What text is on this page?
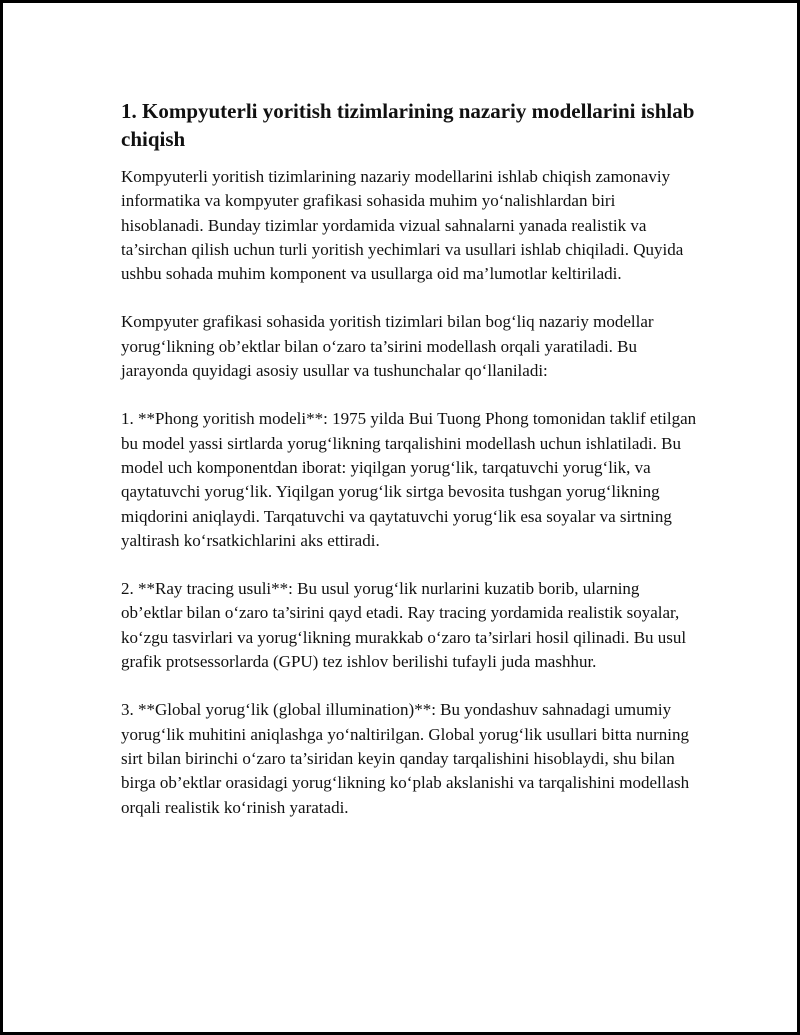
1. Kompyuterli yoritish tizimlarining nazariy modellarini ishlab chiqish

Kompyuterli yoritish tizimlarining nazariy modellarini ishlab chiqish zamonaviy informatika va kompyuter grafikasi sohasida muhim yo‘nalishlardan biri hisoblanadi. Bunday tizimlar yordamida vizual sahnalarni yanada realistik va ta’sirchan qilish uchun turli yoritish yechimlari va usullari ishlab chiqiladi. Quyida ushbu sohada muhim komponent va usullarga oid ma’lumotlar keltiriladi.

Kompyuter grafikasi sohasida yoritish tizimlari bilan bog‘liq nazariy modellar yorug‘likning ob’ektlar bilan o‘zaro ta’sirini modellash orqali yaratiladi. Bu jarayonda quyidagi asosiy usullar va tushunchalar qo‘llaniladi:

1. **Phong yoritish modeli**: 1975 yilda Bui Tuong Phong tomonidan taklif etilgan bu model yassi sirtlarda yorug‘likning tarqalishini modellash uchun ishlatiladi. Bu model uch komponentdan iborat: yiqilgan yorug‘lik, tarqatuvchi yorug‘lik, va qaytatuvchi yorug‘lik. Yiqilgan yorug‘lik sirtga bevosita tushgan yorug‘likning miqdorini aniqlaydi. Tarqatuvchi va qaytatuvchi yorug‘lik esa soyalar va sirtning yaltirash ko‘rsatkichlarini aks ettiradi.

2. **Ray tracing usuli**: Bu usul yorug‘lik nurlarini kuzatib borib, ularning ob’ektlar bilan o‘zaro ta’sirini qayd etadi. Ray tracing yordamida realistik soyalar, ko‘zgu tasvirlari va yorug‘likning murakkab o‘zaro ta’sirlari hosil qilinadi. Bu usul grafik protsessorlarda (GPU) tez ishlov berilishi tufayli juda mashhur.

3. **Global yorug‘lik (global illumination)**: Bu yondashuv sahnadagi umumiy yorug‘lik muhitini aniqlashga yo‘naltirilgan. Global yorug‘lik usullari bitta nurning sirt bilan birinchi o‘zaro ta’siridan keyin qanday tarqalishini hisoblaydi, shu bilan birga ob’ektlar orasidagi yorug‘likning ko‘plab akslanishi va tarqalishini modellash orqali realistik ko‘rinish yaratadi.
